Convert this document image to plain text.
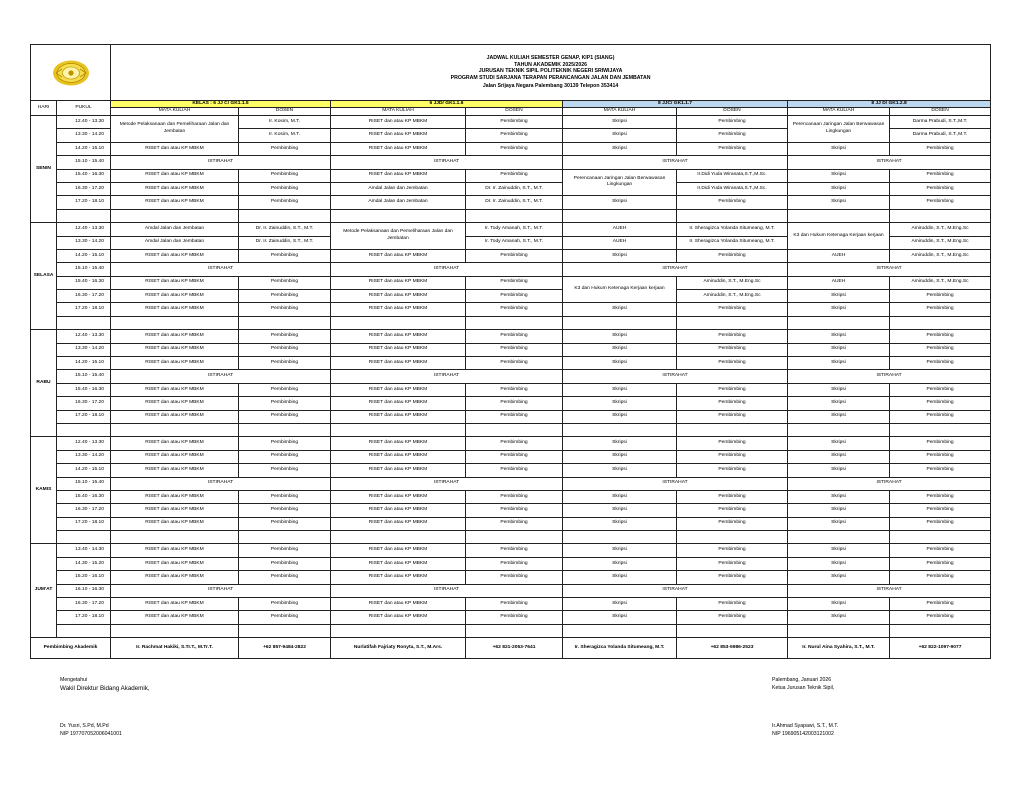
JADWAL KULIAH SEMESTER GENAP, KIP1 (SIANG)
TAHUN AKADEMIK 2025/2026
JURUSAN TEKNIK SIPIL POLITEKNIK NEGERI SRIWIJAYA
PROGRAM STUDI SARJANA TERAPAN PERANCANGAN JALAN DAN JEMBATAN
Jalan Srijaya Negara Palembang 30139 Telepon 353414							

HARI	PUKUL	KELAS : 6 JJ C/ GK1.1.5		6 JJD/ GK1.1.6		8 JJC/ GK1.1.7		8 JJ D/ GK1.2.8	
		MATA KULIAH	DOSEN	MATA KULIAH	DOSEN	MATA KULIAH	DOSEN	MATA KULIAH	DOSEN
SENIN	12.40 - 13.30	Metode Pelaksanaan dan Pemeliharaan Jalan dan Jembatan	Ir. Kosim, M.T.	RISET dan atau KP MBKM	Pembimbing	Skripsi	Pembimbing	Perencanaan Jaringan Jalan Berwawasan Lingkungan	Darma Prabudi, S.T.,M.T.
	13.30 - 14.20		Ir. Kosim, M.T.	RISET dan atau KP MBKM	Pembimbing	Skripsi	Pembimbing		Darma Prabudi, S.T.,M.T.
	14.20 - 15.10	RISET dan atau KP MBKM	Pembimbing	RISET dan atau KP MBKM	Pembimbing	Skripsi	Pembimbing	Skripsi	Pembimbing
	15.10 - 15.40	ISTIRAHAT		ISTIRAHAT		ISTIRAHAT		ISTIRAHAT	
	15.40 - 16.30	RISET dan atau KP MBKM	Pembimbing	RISET dan atau KP MBKM	Pembimbing	Perencanaan Jaringan Jalan Berwawasan Lingkungan	Ir.Didi Yuda Wiranata,S.T.,M.Sc.	Skripsi	Pembimbing
	16.30 - 17.20	RISET dan atau KP MBKM	Pembimbing	Amdal Jalan dan Jembatan	Dr. Ir. Zainuddin, S.T., M.T.		Ir.Didi Yuda Wiranata,S.T.,M.Sc.	Skripsi	Pembimbing
	17.20 - 18.10	RISET dan atau KP MBKM	Pembimbing	Amdal Jalan dan Jembatan	Dr. Ir. Zainuddin, S.T., M.T.	Skripsi	Pembimbing	Skripsi	Pembimbing

SELASA	12.40 - 13.30	Amdal Jalan dan Jembatan	Dr. Ir. Zainuddin, S.T., M.T.	Metode Pelaksanaan dan Pemeliharaan Jalan dan Jembatan	Ir. Tody Amanah, S.T., M.T.	AUEH	Ir. Sheragizca Yolanda Situmeang, M.T.	K3 dan Hukum Ketenaga Kerjaan kerjaan	Amiruddin, S.T., M.Eng.Sc
	13.30 - 14.20	Amdal Jalan dan Jembatan	Dr. Ir. Zainuddin, S.T., M.T.		Ir. Tody Amanah, S.T., M.T.	AUEH	Ir. Sheragizca Yolanda Situmeang, M.T.		Amiruddin, S.T., M.Eng.Sc
	14.20 - 15.10	RISET dan atau KP MBKM	Pembimbing	RISET dan atau KP MBKM	Pembimbing	Skripsi	Pembimbing	AUEH	Amiruddin, S.T., M.Eng.Sc
	15.10 - 15.40	ISTIRAHAT		ISTIRAHAT		ISTIRAHAT		ISTIRAHAT	
	15.40 - 16.30	RISET dan atau KP MBKM	Pembimbing	RISET dan atau KP MBKM	Pembimbing	K3 dan Hukum Ketenaga Kerjaan kerjaan	Amiruddin, S.T., M.Eng.Sc	AUEH	Amiruddin, S.T., M.Eng.Sc
	16.30 - 17.20	RISET dan atau KP MBKM	Pembimbing	RISET dan atau KP MBKM	Pembimbing		Amiruddin, S.T., M.Eng.Sc	Skripsi	Pembimbing
	17.20 - 18.10	RISET dan atau KP MBKM	Pembimbing	RISET dan atau KP MBKM	Pembimbing	Skripsi	Pembimbing	Skripsi	Pembimbing

RABU	12.40 - 13.30	RISET dan atau KP MBKM	Pembimbing	RISET dan atau KP MBKM	Pembimbing	Skripsi	Pembimbing	Skripsi	Pembimbing
	13.30 - 14.20	RISET dan atau KP MBKM	Pembimbing	RISET dan atau KP MBKM	Pembimbing	Skripsi	Pembimbing	Skripsi	Pembimbing
	14.20 - 15.10	RISET dan atau KP MBKM	Pembimbing	RISET dan atau KP MBKM	Pembimbing	Skripsi	Pembimbing	Skripsi	Pembimbing
	15.10 - 15.40	ISTIRAHAT		ISTIRAHAT		ISTIRAHAT		ISTIRAHAT	
	15.40 - 16.30	RISET dan atau KP MBKM	Pembimbing	RISET dan atau KP MBKM	Pembimbing	Skripsi	Pembimbing	Skripsi	Pembimbing
	16.30 - 17.20	RISET dan atau KP MBKM	Pembimbing	RISET dan atau KP MBKM	Pembimbing	Skripsi	Pembimbing	Skripsi	Pembimbing
	17.20 - 18.10	RISET dan atau KP MBKM	Pembimbing	RISET dan atau KP MBKM	Pembimbing	Skripsi	Pembimbing	Skripsi	Pembimbing

KAMIS	12.40 - 13.30	RISET dan atau KP MBKM	Pembimbing	RISET dan atau KP MBKM	Pembimbing	Skripsi	Pembimbing	Skripsi	Pembimbing
	13.30 - 14.20	RISET dan atau KP MBKM	Pembimbing	RISET dan atau KP MBKM	Pembimbing	Skripsi	Pembimbing	Skripsi	Pembimbing
	14.20 - 15.10	RISET dan atau KP MBKM	Pembimbing	RISET dan atau KP MBKM	Pembimbing	Skripsi	Pembimbing	Skripsi	Pembimbing
	15.10 - 15.40	ISTIRAHAT		ISTIRAHAT		ISTIRAHAT		ISTIRAHAT	
	15.40 - 16.30	RISET dan atau KP MBKM	Pembimbing	RISET dan atau KP MBKM	Pembimbing	Skripsi	Pembimbing	Skripsi	Pembimbing
	16.30 - 17.20	RISET dan atau KP MBKM	Pembimbing	RISET dan atau KP MBKM	Pembimbing	Skripsi	Pembimbing	Skripsi	Pembimbing
	17.20 - 18.10	RISET dan atau KP MBKM	Pembimbing	RISET dan atau KP MBKM	Pembimbing	Skripsi	Pembimbing	Skripsi	Pembimbing

JUM'AT	13.40 - 14.30	RISET dan atau KP MBKM	Pembimbing	RISET dan atau KP MBKM	Pembimbing	Skripsi	Pembimbing	Skripsi	Pembimbing
	14.30 - 15.20	RISET dan atau KP MBKM	Pembimbing	RISET dan atau KP MBKM	Pembimbing	Skripsi	Pembimbing	Skripsi	Pembimbing
	15.20 - 16.10	RISET dan atau KP MBKM	Pembimbing	RISET dan atau KP MBKM	Pembimbing	Skripsi	Pembimbing	Skripsi	Pembimbing
	16.10 - 16.30	ISTIRAHAT		ISTIRAHAT		ISTIRAHAT		ISTIRAHAT	
	16.30 - 17.20	RISET dan atau KP MBKM	Pembimbing	RISET dan atau KP MBKM	Pembimbing	Skripsi	Pembimbing	Skripsi	Pembimbing
	17.20 - 18.10	RISET dan atau KP MBKM	Pembimbing	RISET dan atau KP MBKM	Pembimbing	Skripsi	Pembimbing	Skripsi	Pembimbing

Pembimbing Akademik		Ir. Rachmat Hakiki, S.Tr.T., M.Tr.T.	+62 857-9484-2822	Nurlatifah Fajriaty Ronyta, S.T., M.Ars.	+62 821-2053-7641	Ir. Sheragizca Yolanda Situmeang, M.T.	+62 853-5986-2523	Ir. Nurul Aina Syahira, S.T., M.T.	+62 822-1097-9077
Mengetahui
Wakil Direktur Bidang Akademik,
Dr. Yusri, S.Pd, M.Pd
NIP 197707052006041001
Palembang, Januari 2026
Ketua Jurusan Teknik Sipil,
Ir.Ahmad Syapawi, S.T., M.T.
NIP 196905142003121002
